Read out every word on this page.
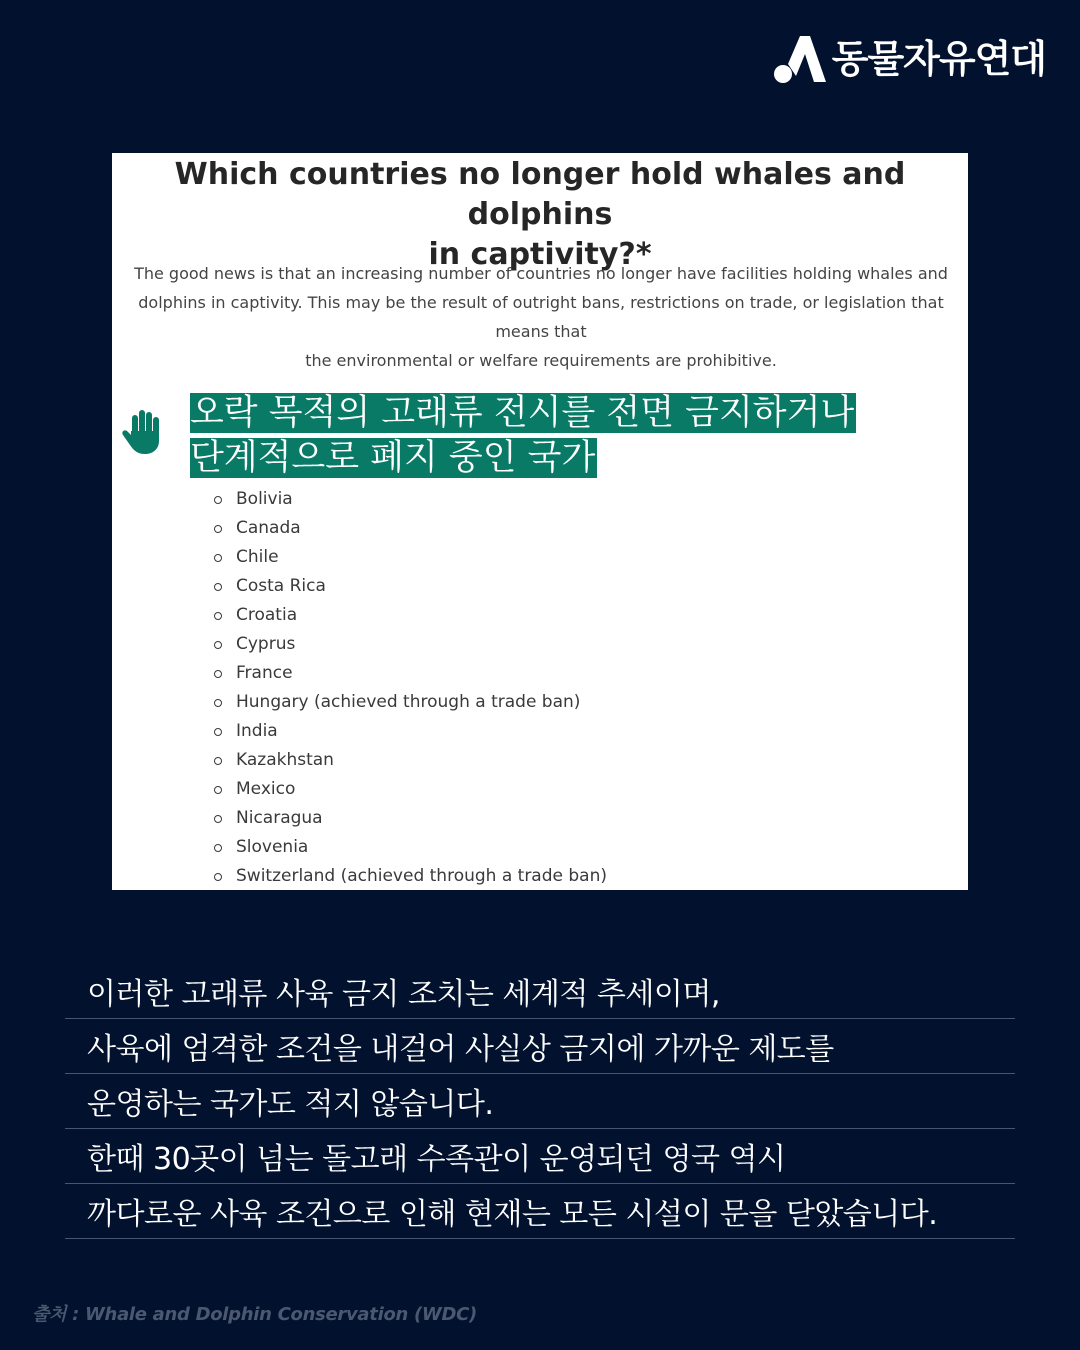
동물자유연대
Which countries no longer hold whales and dolphins
in captivity?*
The good news is that an increasing number of countries no longer have facilities holding whales and
dolphins in captivity. This may be the result of outright bans, restrictions on trade, or legislation that means that
the environmental or welfare requirements are prohibitive.
오락 목적의 고래류 전시를 전면 금지하거나
단계적으로 폐지 중인 국가
Bolivia
Canada
Chile
Costa Rica
Croatia
Cyprus
France
Hungary (achieved through a trade ban)
India
Kazakhstan
Mexico
Nicaragua
Slovenia
Switzerland (achieved through a trade ban)
이러한 고래류 사육 금지 조치는 세계적 추세이며,
사육에 엄격한 조건을 내걸어 사실상 금지에 가까운 제도를
운영하는 국가도 적지 않습니다.
한때 30곳이 넘는 돌고래 수족관이 운영되던 영국 역시
까다로운 사육 조건으로 인해 현재는 모든 시설이 문을 닫았습니다.
출처 : Whale and Dolphin Conservation (WDC)
